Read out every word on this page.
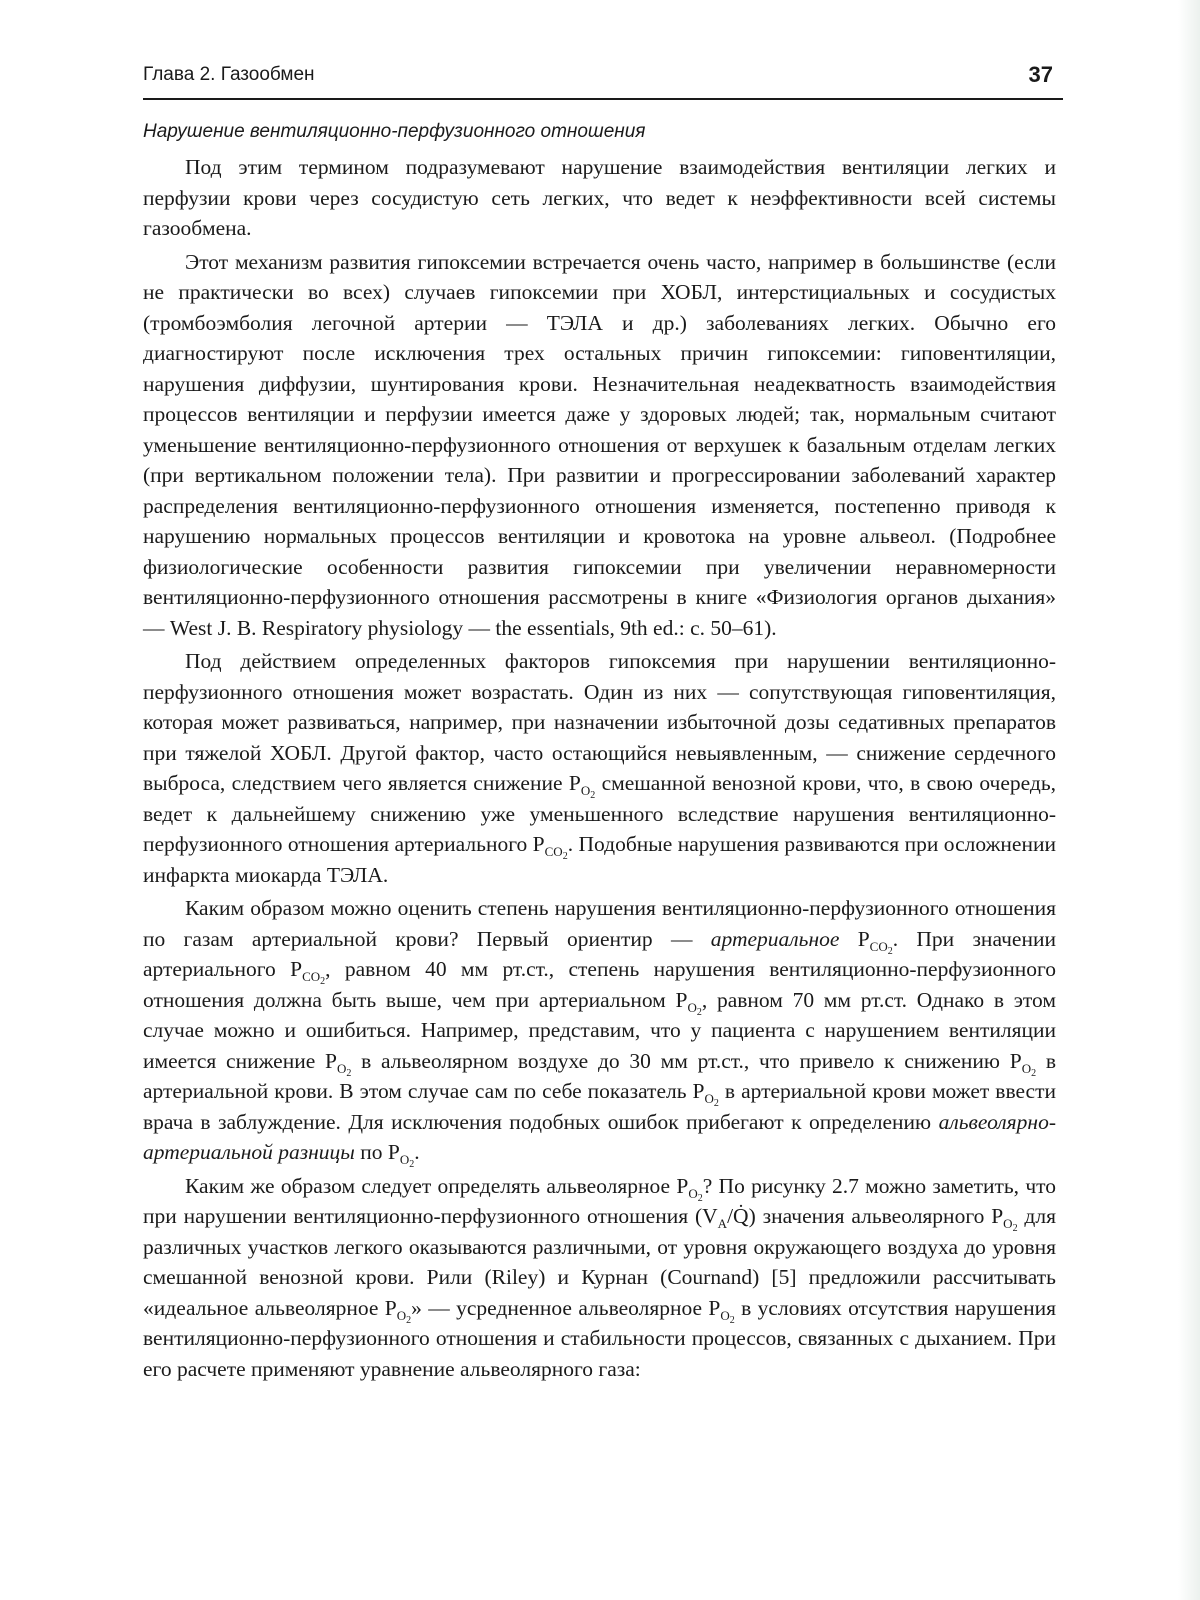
Глава 2. Газообмен	37
Нарушение вентиляционно-перфузионного отношения

Под этим термином подразумевают нарушение взаимодействия вентиляции легких и перфузии крови через сосудистую сеть легких, что ведет к неэффективности всей системы газообмена.

Этот механизм развития гипоксемии встречается очень часто, например в большинстве (если не практически во всех) случаев гипоксемии при ХОБЛ, интерстициальных и сосудистых (тромбоэмболия легочной артерии — ТЭЛА и др.) заболеваниях легких. Обычно его диагностируют после исключения трех остальных причин гипоксемии: гиповентиляции, нарушения диффузии, шунтирования крови. Незначительная неадекватность взаимодействия процессов вентиляции и перфузии имеется даже у здоровых людей; так, нормальным считают уменьшение вентиляционно-перфузионного отношения от верхушек к базальным отделам легких (при вертикальном положении тела). При развитии и прогрессировании заболеваний характер распределения вентиляционно-перфузионного отношения изменяется, постепенно приводя к нарушению нормальных процессов вентиляции и кровотока на уровне альвеол. (Подробнее физиологические особенности развития гипоксемии при увеличении неравномерности вентиляционно-перфузионного отношения рассмотрены в книге «Физиология органов дыхания» — West J. B. Respiratory physiology — the essentials, 9th ed.: с. 50–61).

Под действием определенных факторов гипоксемия при нарушении вентиляционно-перфузионного отношения может возрастать. Один из них — сопутствующая гиповентиляция, которая может развиваться, например, при назначении избыточной дозы седативных препаратов при тяжелой ХОБЛ. Другой фактор, часто остающийся невыявленным, — снижение сердечного выброса, следствием чего является снижение $P_{O_2}$ смешанной венозной крови, что, в свою очередь, ведет к дальнейшему снижению уже уменьшенного вследствие нарушения вентиляционно-перфузионного отношения артериального $P_{CO_2}$. Подобные нарушения развиваются при осложнении инфаркта миокарда ТЭЛА.

Каким образом можно оценить степень нарушения вентиляционно-перфузионного отношения по газам артериальной крови? Первый ориентир — артериальное $P_{CO_2}$. При значении артериального $P_{CO_2}$, равном 40 мм рт.ст., степень нарушения вентиляционно-перфузионного отношения должна быть выше, чем при артериальном $P_{O_2}$, равном 70 мм рт.ст. Однако в этом случае можно и ошибиться. Например, представим, что у пациента с нарушением вентиляции имеется снижение $P_{O_2}$ в альвеолярном воздухе до 30 мм рт.ст., что привело к снижению $P_{O_2}$ в артериальной крови. В этом случае сам по себе показатель $P_{O_2}$ в артериальной крови может ввести врача в заблуждение. Для исключения подобных ошибок прибегают к определению альвеолярно-артериальной разницы по $P_{O_2}$.

Каким же образом следует определять альвеолярное $P_{O_2}$? По рисунку 2.7 можно заметить, что при нарушении вентиляционно-перфузионного отношения $(V_A/Q̇)$ значения альвеолярного $P_{O_2}$ для различных участков легкого оказываются различными, от уровня окружающего воздуха до уровня смешанной венозной крови. Рили (Riley) и Курнан (Cournand) [5] предложили рассчитывать «идеальное альвеолярное $P_{O_2}$» — усредненное альвеолярное $P_{O_2}$ в условиях отсутствия нарушения вентиляционно-перфузионного отношения и стабильности процессов, связанных с дыханием. При его расчете применяют уравнение альвеолярного газа:
